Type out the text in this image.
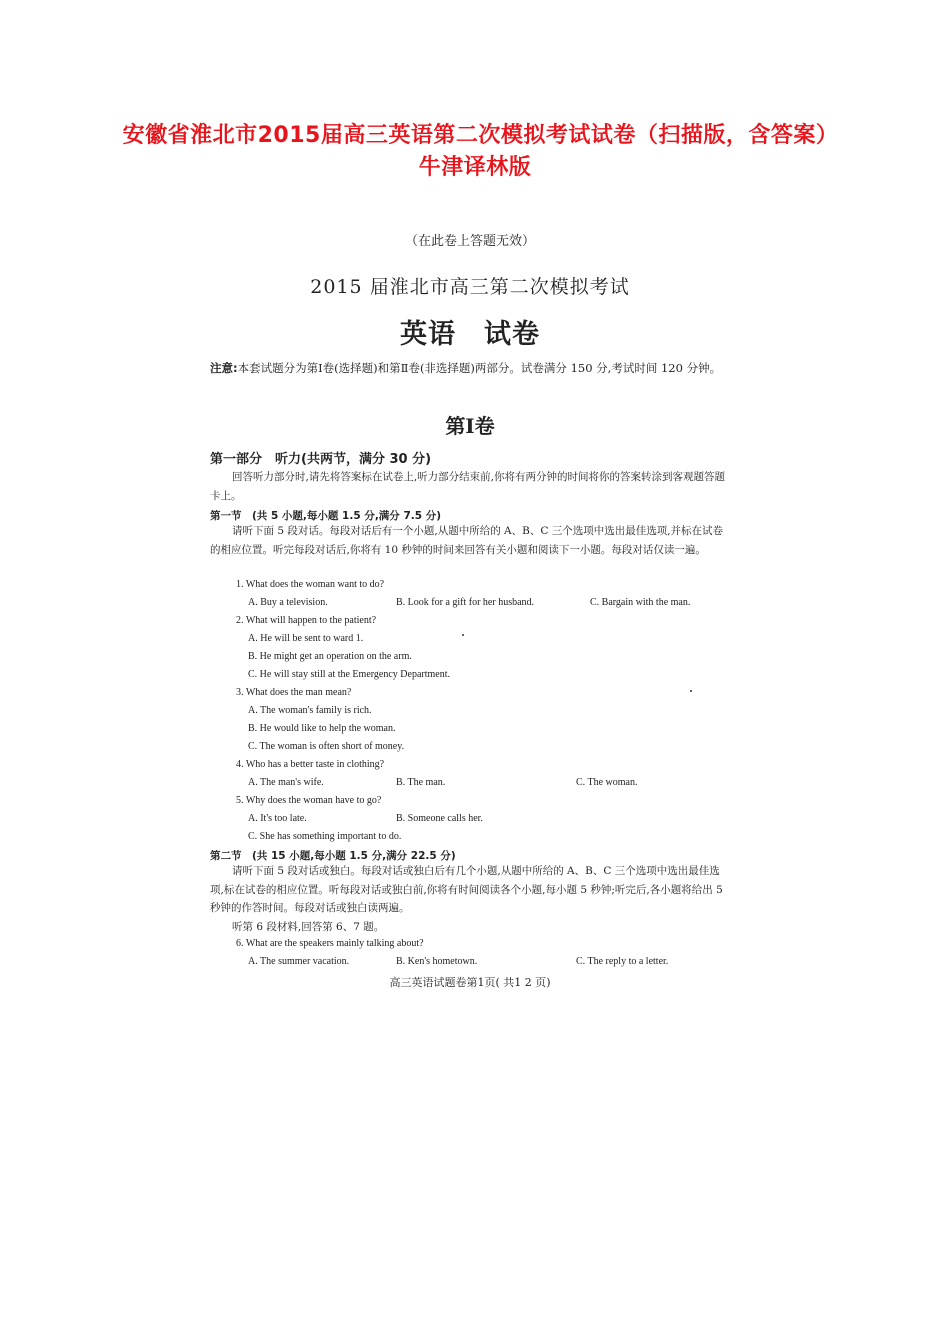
安徽省淮北市2015届高三英语第二次模拟考试试卷（扫描版，含答案）牛津译林版
（在此卷上答题无效）
2015 届淮北市高三第二次模拟考试
英语　试卷
注意:本套试题分为第Ⅰ卷(选择题)和第Ⅱ卷(非选择题)两部分。试卷满分 150 分,考试时间 120 分钟。
第Ⅰ卷
第一部分　听力(共两节，满分 30 分)
回答听力部分时,请先将答案标在试卷上,听力部分结束前,你将有两分钟的时间将你的答案转涂到客观题答题卡上。
第一节　(共 5 小题,每小题 1.5 分,满分 7.5 分)
请听下面 5 段对话。每段对话后有一个小题,从题中所给的 A、B、C 三个选项中选出最佳选项,并标在试卷的相应位置。听完每段对话后,你将有 10 秒钟的时间来回答有关小题和阅读下一小题。每段对话仅读一遍。
1. What does the woman want to do?
A. Buy a television.	B. Look for a gift for her husband.	C. Bargain with the man.
2. What will happen to the patient?
A. He will be sent to ward 1.
B. He might get an operation on the arm.
C. He will stay still at the Emergency Department.
3. What does the man mean?
A. The woman's family is rich.
B. He would like to help the woman.
C. The woman is often short of money.
4. Who has a better taste in clothing?
A. The man's wife.	B. The man.	C. The woman.
5. Why does the woman have to go?
A. It's too late.	B. Someone calls her.
C. She has something important to do.
第二节　(共 15 小题,每小题 1.5 分,满分 22.5 分)
请听下面 5 段对话或独白。每段对话或独白后有几个小题,从题中所给的 A、B、C 三个选项中选出最佳选项,标在试卷的相应位置。听每段对话或独白前,你将有时间阅读各个小题,每小题 5 秒钟;听完后,各小题将给出 5 秒钟的作答时间。每段对话或独白读两遍。
听第 6 段材料,回答第 6、7 题。
6. What are the speakers mainly talking about?
A. The summer vacation.	B. Ken's hometown.	C. The reply to a letter.
高三英语试题卷第1页( 共1 2 页)
